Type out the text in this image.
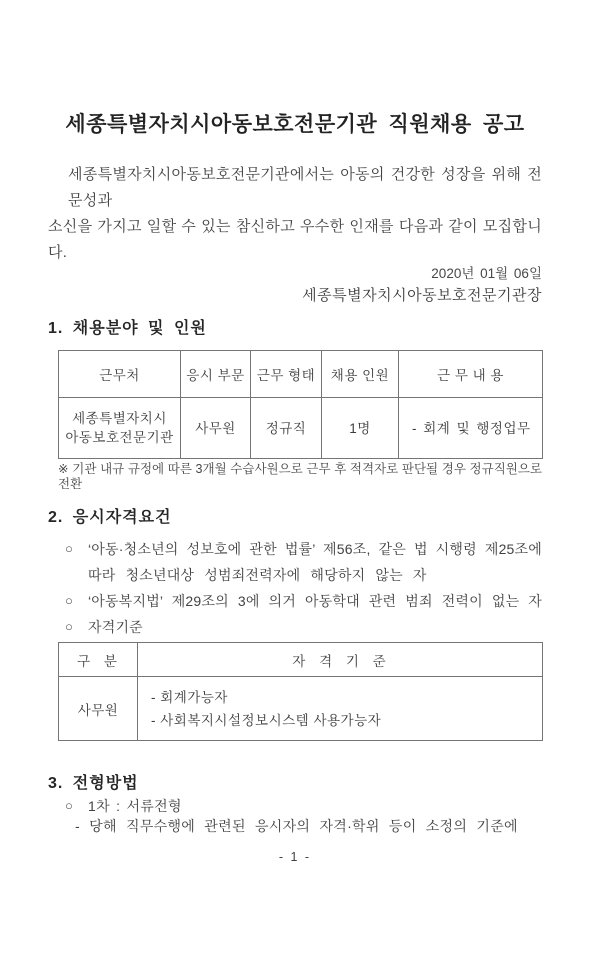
세종특별자치시아동보호전문기관 직원채용 공고
세종특별자치시아동보호전문기관에서는 아동의 건강한 성장을 위해 전문성과
소신을 가지고 일할 수 있는 참신하고 우수한 인재를 다음과 같이 모집합니다.
2020년 01월 06일
세종특별자치시아동보호전문기관장
1. 채용분야 및 인원
근무처	응시 부문	근무 형태	채용 인원	근 무 내 용

세종특별자치시
아동보호전문기관	사무원	정규직	1명	- 회계 및 행정업무
※ 기관 내규 규정에 따른 3개월 수습사원으로 근무 후 적격자로 판단될 경우 정규직원으로 전환
2. 응시자격요건
○	‘아동·청소년의 성보호에 관한 법률’ 제56조, 같은 법 시행령 제25조에
따라 청소년대상 성범죄전력자에 해당하지 않는 자
○	‘아동복지법’ 제29조의 3에 의거 아동학대 관련 범죄 전력이 없는 자
○	자격기준
구 분	자 격 기 준
사무원	- 회계가능자
- 사회복지시설정보시스템 사용가능자
3. 전형방법
○	1차 : 서류전형
- 당해 직무수행에 관련된 응시자의 자격·학위 등이 소정의 기준에
- 1 -
